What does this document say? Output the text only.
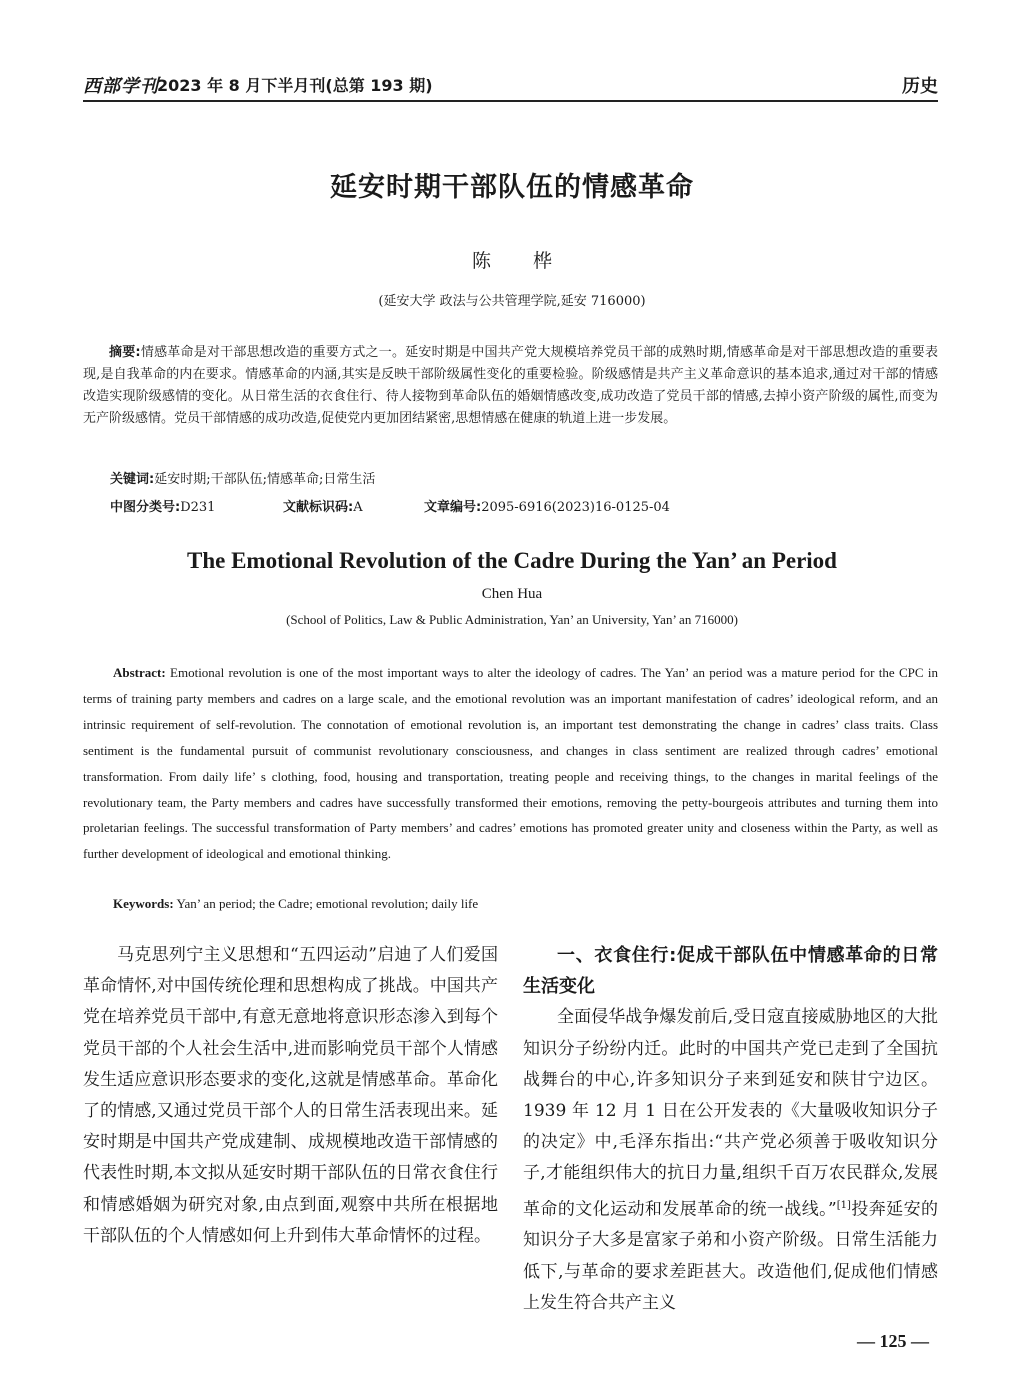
西部学刊
2023 年 8 月下半月刊(总第 193 期)	历史
延安时期干部队伍的情感革命
陈 桦
(延安大学 政法与公共管理学院,延安 716000)
摘要:情感革命是对干部思想改造的重要方式之一。延安时期是中国共产党大规模培养党员干部的成熟时期,情感革命是对干部思想改造的重要表现,是自我革命的内在要求。情感革命的内涵,其实是反映干部阶级属性变化的重要检验。阶级感情是共产主义革命意识的基本追求,通过对干部的情感改造实现阶级感情的变化。从日常生活的衣食住行、待人接物到革命队伍的婚姻情感改变,成功改造了党员干部的情感,去掉小资产阶级的属性,而变为无产阶级感情。党员干部情感的成功改造,促使党内更加团结紧密,思想情感在健康的轨道上进一步发展。
关键词:延安时期;干部队伍;情感革命;日常生活
中图分类号:D231	文献标识码:A	文章编号:2095-6916(2023)16-0125-04
The Emotional Revolution of the Cadre During the Yan’ an Period
Chen Hua
(School of Politics, Law & Public Administration, Yan’ an University, Yan’ an 716000)
Abstract: Emotional revolution is one of the most important ways to alter the ideology of cadres. The Yan’ an period was a mature period for the CPC in terms of training party members and cadres on a large scale, and the emotional revolution was an important manifestation of cadres’ ideological reform, and an intrinsic requirement of self-revolution. The connotation of emotional revolution is, an important test demonstrating the change in cadres’ class traits. Class sentiment is the fundamental pursuit of communist revolutionary consciousness, and changes in class sentiment are realized through cadres’ emotional transformation. From daily life’ s clothing, food, housing and transportation, treating people and receiving things, to the changes in marital feelings of the revolutionary team, the Party members and cadres have successfully transformed their emotions, removing the petty-bourgeois attributes and turning them into proletarian feelings. The successful transformation of Party members’ and cadres’ emotions has promoted greater unity and closeness within the Party, as well as further development of ideological and emotional thinking.
Keywords: Yan’ an period; the Cadre; emotional revolution; daily life

马克思列宁主义思想和“五四运动”启迪了人们爱国革命情怀,对中国传统伦理和思想构成了挑战。中国共产党在培养党员干部中,有意无意地将意识形态渗入到每个党员干部的个人社会生活中,进而影响党员干部个人情感发生适应意识形态要求的变化,这就是情感革命。革命化了的情感,又通过党员干部个人的日常生活表现出来。延安时期是中国共产党成建制、成规模地改造干部情感的代表性时期,本文拟从延安时期干部队伍的日常衣食住行和情感婚姻为研究对象,由点到面,观察中共所在根据地干部队伍的个人情感如何上升到伟大革命情怀的过程。

一、衣食住行:促成干部队伍中情感革命的日常生活变化

全面侵华战争爆发前后,受日寇直接威胁地区的大批知识分子纷纷内迁。此时的中国共产党已走到了全国抗战舞台的中心,许多知识分子来到延安和陕甘宁边区。1939 年 12 月 1 日在公开发表的《大量吸收知识分子的决定》中,毛泽东指出:“共产党必须善于吸收知识分子,才能组织伟大的抗日力量,组织千百万农民群众,发展革命的文化运动和发展革命的统一战线。”[1]投奔延安的知识分子大多是富家子弟和小资产阶级。日常生活能力低下,与革命的要求差距甚大。改造他们,促成他们情感上发生符合共产主义

— 125 —
